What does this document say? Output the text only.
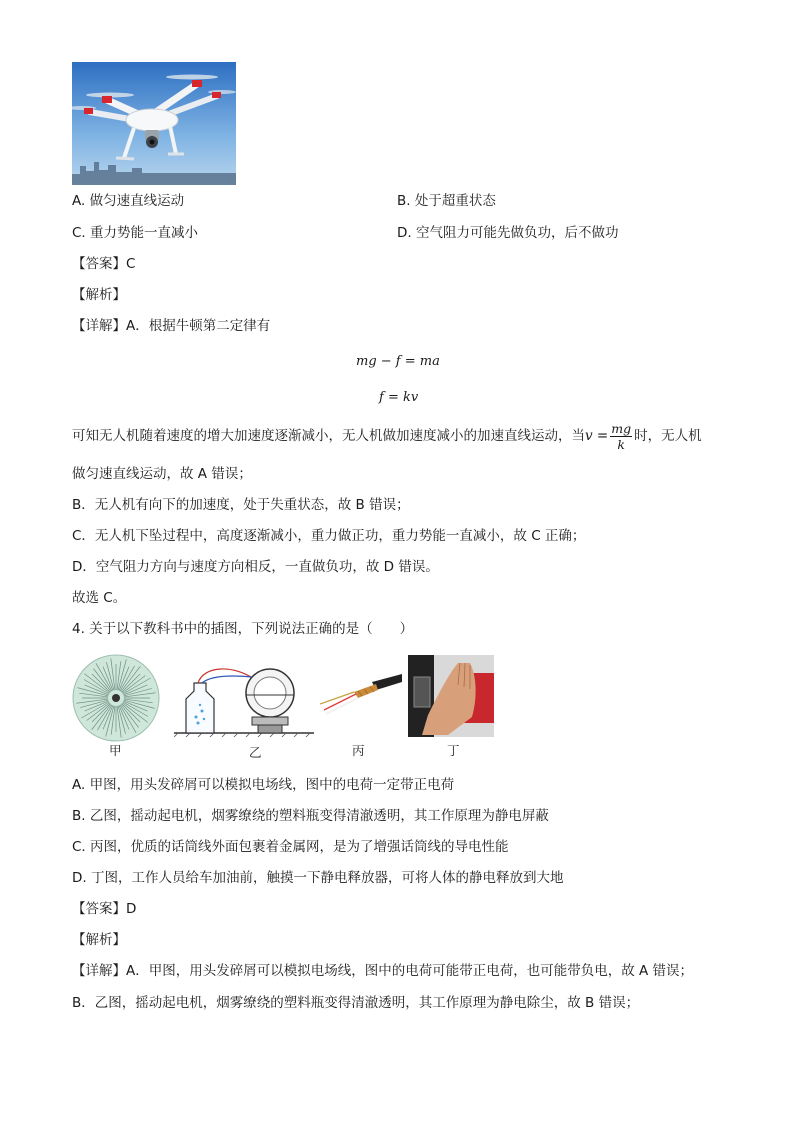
A. 做匀速直线运动	B. 处于超重状态
C. 重力势能一直减小	D. 空气阻力可能先做负功，后不做功
【答案】C
【解析】
【详解】A．根据牛顿第二定律有
mg − f = ma
f = kv
可知无人机随着速度的增大加速度逐渐减小，无人机做加速度减小的加速直线运动，当$v = \frac{mg}{k}$ 时，无人机
做匀速直线运动，故 A 错误；
B．无人机有向下的加速度，处于失重状态，故 B 错误；
C．无人机下坠过程中，高度逐渐减小，重力做正功，重力势能一直减小，故 C 正确；
D．空气阻力方向与速度方向相反，一直做负功，故 D 错误。
故选 C。
4. 关于以下教科书中的插图，下列说法正确的是（　　）
甲	乙	丙	丁
A. 甲图，用头发碎屑可以模拟电场线，图中的电荷一定带正电荷
B. 乙图，摇动起电机，烟雾缭绕的塑料瓶变得清澈透明，其工作原理为静电屏蔽
C. 丙图，优质的话筒线外面包裹着金属网，是为了增强话筒线的导电性能
D. 丁图，工作人员给车加油前，触摸一下静电释放器，可将人体的静电释放到大地
【答案】D
【解析】
【详解】A．甲图，用头发碎屑可以模拟电场线，图中的电荷可能带正电荷，也可能带负电，故 A 错误；
B．乙图，摇动起电机，烟雾缭绕的塑料瓶变得清澈透明，其工作原理为静电除尘，故 B 错误；
